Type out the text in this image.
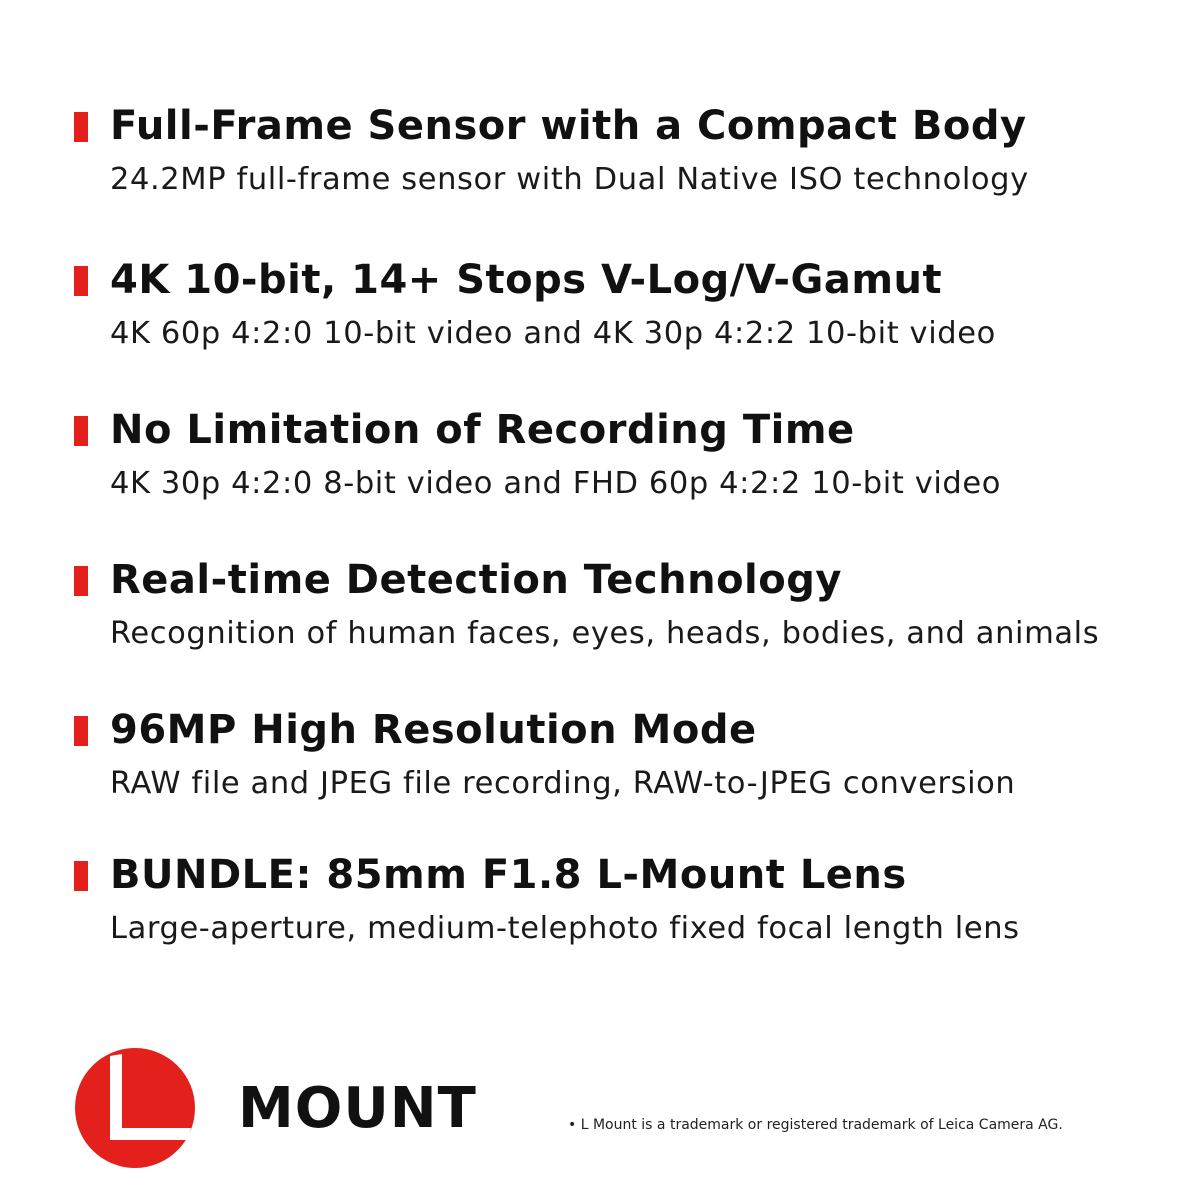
Full-Frame Sensor with a Compact Body
24.2MP full-frame sensor with Dual Native ISO technology
4K 10-bit, 14+ Stops V-Log/V-Gamut
4K 60p 4:2:0 10-bit video and 4K 30p 4:2:2 10-bit video
No Limitation of Recording Time
4K 30p 4:2:0 8-bit video and FHD 60p 4:2:2 10-bit video
Real-time Detection Technology
Recognition of human faces, eyes, heads, bodies, and animals
96MP High Resolution Mode
RAW file and JPEG file recording, RAW-to-JPEG conversion
BUNDLE: 85mm F1.8 L-Mount Lens
Large-aperture, medium-telephoto fixed focal length lens
MOUNT	• L Mount is a trademark or registered trademark of Leica Camera AG.
